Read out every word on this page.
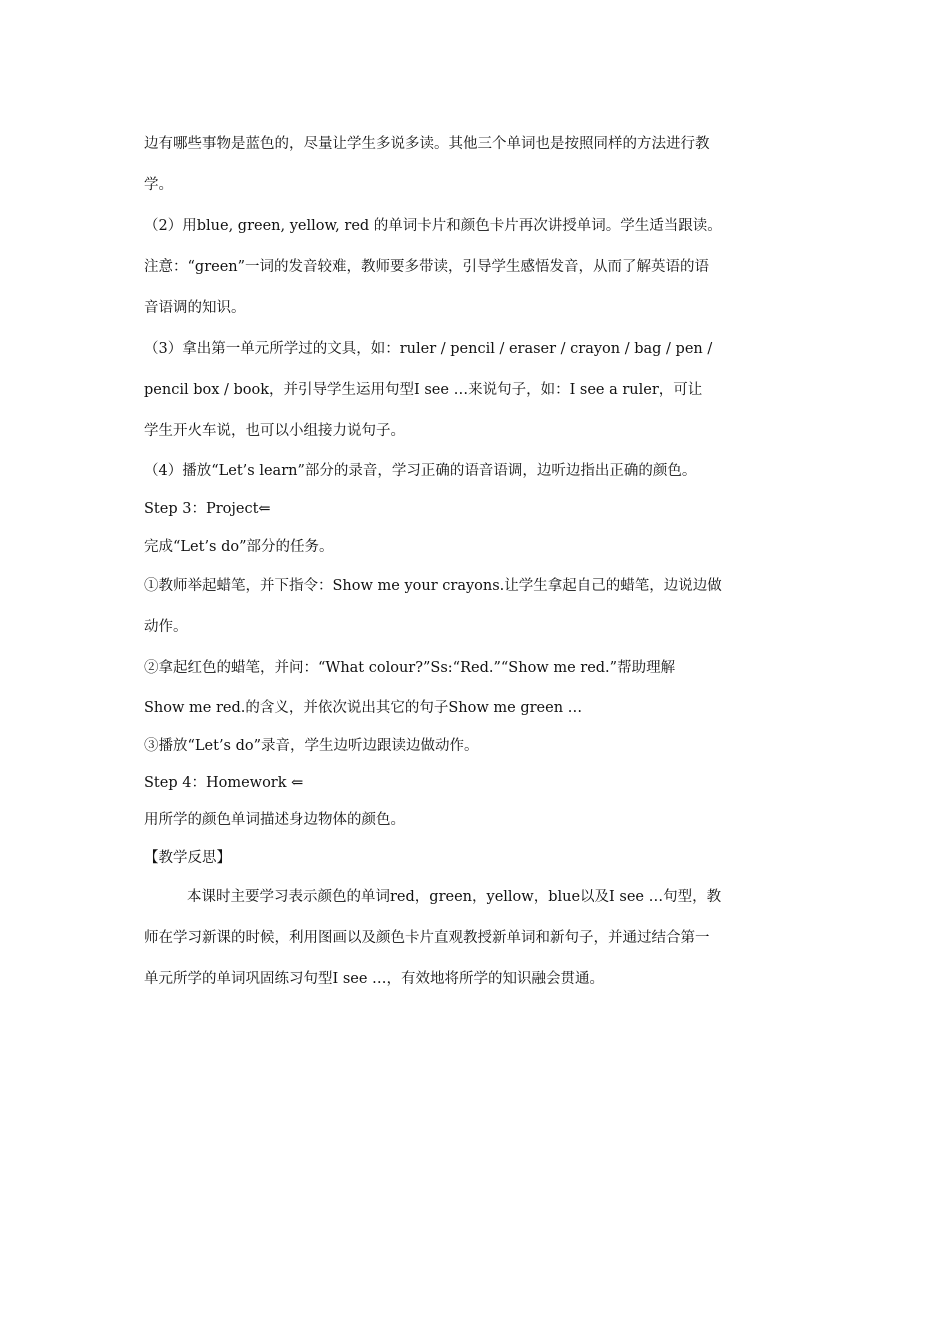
边有哪些事物是蓝色的，尽量让学生多说多读。其他三个单词也是按照同样的方法进行教

学。

（2）用blue, green, yellow, red 的单词卡片和颜色卡片再次讲授单词。学生适当跟读。

注意：“green”一词的发音较难，教师要多带读，引导学生感悟发音，从而了解英语的语

音语调的知识。

（3）拿出第一单元所学过的文具，如：ruler / pencil / eraser / crayon / bag / pen /

pencil box / book，并引导学生运用句型I see …来说句子，如：I see a ruler，可让

学生开火车说，也可以小组接力说句子。

（4）播放“Let’s learn”部分的录音，学习正确的语音语调，边听边指出正确的颜色。

Step 3：Project⇐

完成“Let’s do”部分的任务。

①教师举起蜡笔，并下指令：Show me your crayons.让学生拿起自己的蜡笔，边说边做

动作。

②拿起红色的蜡笔，并问：“What colour?”Ss:“Red.”“Show me red.”帮助理解

Show me red.的含义，并依次说出其它的句子Show me green …

③播放“Let’s do”录音，学生边听边跟读边做动作。

Step 4：Homework ⇐

用所学的颜色单词描述身边物体的颜色。

【教学反思】

本课时主要学习表示颜色的单词red，green，yellow，blue以及I see …句型，教

师在学习新课的时候，利用图画以及颜色卡片直观教授新单词和新句子，并通过结合第一

单元所学的单词巩固练习句型I see …，有效地将所学的知识融会贯通。
